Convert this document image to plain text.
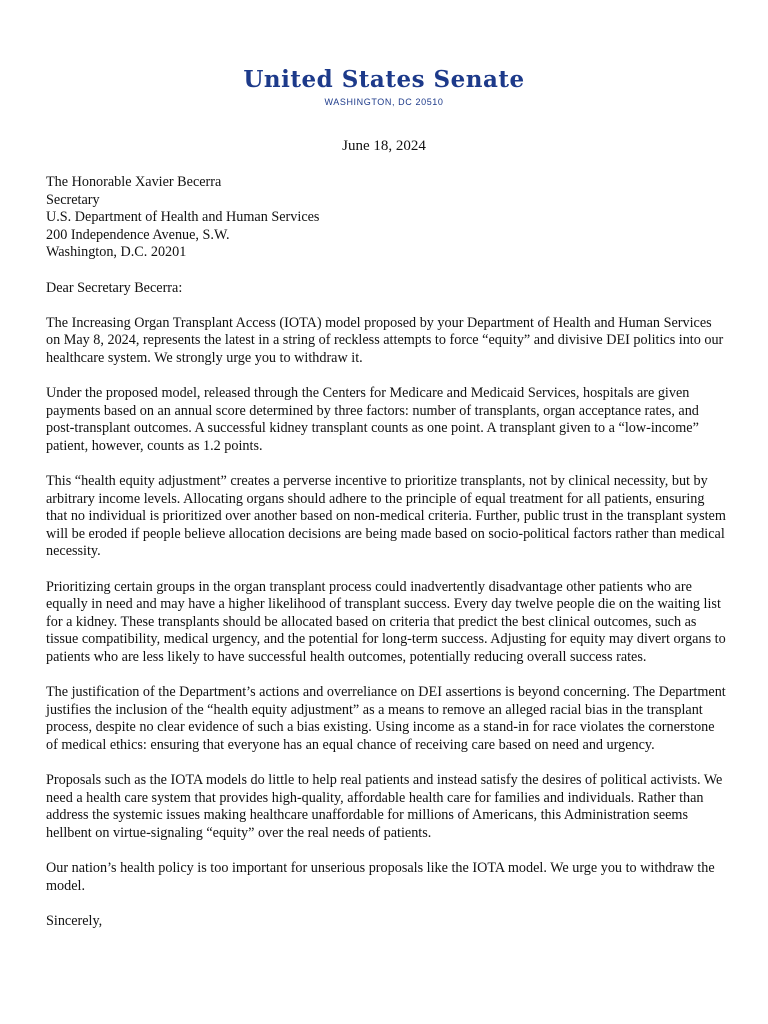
United States Senate
WASHINGTON, DC 20510
June 18, 2024
The Honorable Xavier Becerra
Secretary
U.S. Department of Health and Human Services
200 Independence Avenue, S.W.
Washington, D.C. 20201

Dear Secretary Becerra:

The Increasing Organ Transplant Access (IOTA) model proposed by your Department of Health and Human Services on May 8, 2024, represents the latest in a string of reckless attempts to force “equity” and divisive DEI politics into our healthcare system. We strongly urge you to withdraw it.

Under the proposed model, released through the Centers for Medicare and Medicaid Services, hospitals are given payments based on an annual score determined by three factors: number of transplants, organ acceptance rates, and post-transplant outcomes. A successful kidney transplant counts as one point. A transplant given to a “low-income” patient, however, counts as 1.2 points.

This “health equity adjustment” creates a perverse incentive to prioritize transplants, not by clinical necessity, but by arbitrary income levels. Allocating organs should adhere to the principle of equal treatment for all patients, ensuring that no individual is prioritized over another based on non-medical criteria. Further, public trust in the transplant system will be eroded if people believe allocation decisions are being made based on socio-political factors rather than medical necessity.

Prioritizing certain groups in the organ transplant process could inadvertently disadvantage other patients who are equally in need and may have a higher likelihood of transplant success. Every day twelve people die on the waiting list for a kidney. These transplants should be allocated based on criteria that predict the best clinical outcomes, such as tissue compatibility, medical urgency, and the potential for long-term success. Adjusting for equity may divert organs to patients who are less likely to have successful health outcomes, potentially reducing overall success rates.

The justification of the Department’s actions and overreliance on DEI assertions is beyond concerning. The Department justifies the inclusion of the “health equity adjustment” as a means to remove an alleged racial bias in the transplant process, despite no clear evidence of such a bias existing. Using income as a stand-in for race violates the cornerstone of medical ethics: ensuring that everyone has an equal chance of receiving care based on need and urgency.

Proposals such as the IOTA models do little to help real patients and instead satisfy the desires of political activists. We need a health care system that provides high-quality, affordable health care for families and individuals. Rather than address the systemic issues making healthcare unaffordable for millions of Americans, this Administration seems hellbent on virtue-signaling “equity” over the real needs of patients.

Our nation’s health policy is too important for unserious proposals like the IOTA model. We urge you to withdraw the model.

Sincerely,
